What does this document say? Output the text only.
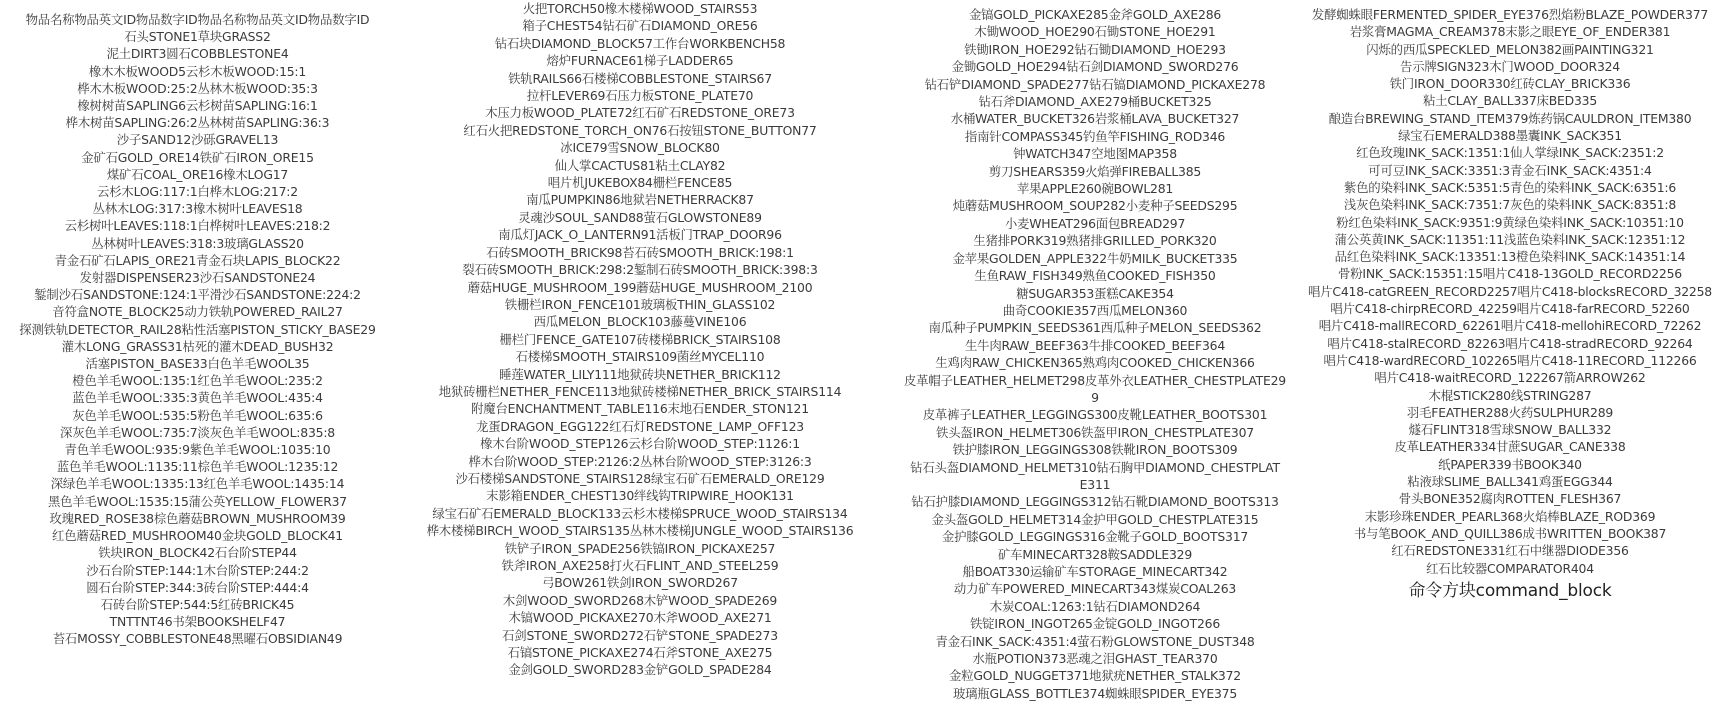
物品名称物品英文ID物品数字ID物品名称物品英文ID物品数字ID
石头STONE1草块GRASS2
泥土DIRT3圆石COBBLESTONE4
橡木木板WOOD5云杉木板WOOD:15:1
桦木木板WOOD:25:2丛林木板WOOD:35:3
橡树树苗SAPLING6云杉树苗SAPLING:16:1
桦木树苗SAPLING:26:2丛林树苗SAPLING:36:3
沙子SAND12沙砾GRAVEL13
金矿石GOLD_ORE14铁矿石IRON_ORE15
煤矿石COAL_ORE16橡木LOG17
云杉木LOG:117:1白桦木LOG:217:2
丛林木LOG:317:3橡木树叶LEAVES18
云杉树叶LEAVES:118:1白桦树叶LEAVES:218:2
丛林树叶LEAVES:318:3玻璃GLASS20
青金石矿石LAPIS_ORE21青金石块LAPIS_BLOCK22
发射器DISPENSER23沙石SANDSTONE24
錾制沙石SANDSTONE:124:1平滑沙石SANDSTONE:224:2
音符盒NOTE_BLOCK25动力铁轨POWERED_RAIL27
探测铁轨DETECTOR_RAIL28粘性活塞PISTON_STICKY_BASE29
灌木LONG_GRASS31枯死的灌木DEAD_BUSH32
活塞PISTON_BASE33白色羊毛WOOL35
橙色羊毛WOOL:135:1红色羊毛WOOL:235:2
蓝色羊毛WOOL:335:3黄色羊毛WOOL:435:4
灰色羊毛WOOL:535:5粉色羊毛WOOL:635:6
深灰色羊毛WOOL:735:7淡灰色羊毛WOOL:835:8
青色羊毛WOOL:935:9紫色羊毛WOOL:1035:10
蓝色羊毛WOOL:1135:11棕色羊毛WOOL:1235:12
深绿色羊毛WOOL:1335:13红色羊毛WOOL:1435:14
黑色羊毛WOOL:1535:15蒲公英YELLOW_FLOWER37
玫瑰RED_ROSE38棕色蘑菇BROWN_MUSHROOM39
红色蘑菇RED_MUSHROOM40金块GOLD_BLOCK41
铁块IRON_BLOCK42石台阶STEP44
沙石台阶STEP:144:1木台阶STEP:244:2
圆石台阶STEP:344:3砖台阶STEP:444:4
石砖台阶STEP:544:5红砖BRICK45
TNTTNT46书架BOOKSHELF47
苔石MOSSY_COBBLESTONE48黑曜石OBSIDIAN49
火把TORCH50橡木楼梯WOOD_STAIRS53
箱子CHEST54钻石矿石DIAMOND_ORE56
钻石块DIAMOND_BLOCK57工作台WORKBENCH58
熔炉FURNACE61梯子LADDER65
铁轨RAILS66石楼梯COBBLESTONE_STAIRS67
拉杆LEVER69石压力板STONE_PLATE70
木压力板WOOD_PLATE72红石矿石REDSTONE_ORE73
红石火把REDSTONE_TORCH_ON76石按钮STONE_BUTTON77
冰ICE79雪SNOW_BLOCK80
仙人掌CACTUS81粘土CLAY82
唱片机JUKEBOX84栅栏FENCE85
南瓜PUMPKIN86地狱岩NETHERRACK87
灵魂沙SOUL_SAND88萤石GLOWSTONE89
南瓜灯JACK_O_LANTERN91活板门TRAP_DOOR96
石砖SMOOTH_BRICK98苔石砖SMOOTH_BRICK:198:1
裂石砖SMOOTH_BRICK:298:2錾制石砖SMOOTH_BRICK:398:3
蘑菇HUGE_MUSHROOM_199蘑菇HUGE_MUSHROOM_2100
铁栅栏IRON_FENCE101玻璃板THIN_GLASS102
西瓜MELON_BLOCK103藤蔓VINE106
栅栏门FENCE_GATE107砖楼梯BRICK_STAIRS108
石楼梯SMOOTH_STAIRS109菌丝MYCEL110
睡莲WATER_LILY111地狱砖块NETHER_BRICK112
地狱砖栅栏NETHER_FENCE113地狱砖楼梯NETHER_BRICK_STAIRS114
附魔台ENCHANTMENT_TABLE116末地石ENDER_STON121
龙蛋DRAGON_EGG122红石灯REDSTONE_LAMP_OFF123
橡木台阶WOOD_STEP126云杉台阶WOOD_STEP:1126:1
桦木台阶WOOD_STEP:2126:2丛林台阶WOOD_STEP:3126:3
沙石楼梯SANDSTONE_STAIRS128绿宝石矿石EMERALD_ORE129
末影箱ENDER_CHEST130绊线钩TRIPWIRE_HOOK131
绿宝石矿石EMERALD_BLOCK133云杉木楼梯SPRUCE_WOOD_STAIRS134
桦木楼梯BIRCH_WOOD_STAIRS135丛林木楼梯JUNGLE_WOOD_STAIRS136
铁铲子IRON_SPADE256铁镐IRON_PICKAXE257
铁斧IRON_AXE258打火石FLINT_AND_STEEL259
弓BOW261铁剑IRON_SWORD267
木剑WOOD_SWORD268木铲WOOD_SPADE269
木镐WOOD_PICKAXE270木斧WOOD_AXE271
石剑STONE_SWORD272石铲STONE_SPADE273
石镐STONE_PICKAXE274石斧STONE_AXE275
金剑GOLD_SWORD283金铲GOLD_SPADE284
金镐GOLD_PICKAXE285金斧GOLD_AXE286
木锄WOOD_HOE290石锄STONE_HOE291
铁锄IRON_HOE292钻石锄DIAMOND_HOE293
金锄GOLD_HOE294钻石剑DIAMOND_SWORD276
钻石铲DIAMOND_SPADE277钻石镐DIAMOND_PICKAXE278
钻石斧DIAMOND_AXE279桶BUCKET325
水桶WATER_BUCKET326岩浆桶LAVA_BUCKET327
指南针COMPASS345钓鱼竿FISHING_ROD346
钟WATCH347空地图MAP358
剪刀SHEARS359火焰弹FIREBALL385
苹果APPLE260碗BOWL281
炖蘑菇MUSHROOM_SOUP282小麦种子SEEDS295
小麦WHEAT296面包BREAD297
生猪排PORK319熟猪排GRILLED_PORK320
金苹果GOLDEN_APPLE322牛奶MILK_BUCKET335
生鱼RAW_FISH349熟鱼COOKED_FISH350
糖SUGAR353蛋糕CAKE354
曲奇COOKIE357西瓜MELON360
南瓜种子PUMPKIN_SEEDS361西瓜种子MELON_SEEDS362
生牛肉RAW_BEEF363牛排COOKED_BEEF364
生鸡肉RAW_CHICKEN365熟鸡肉COOKED_CHICKEN366
皮革帽子LEATHER_HELMET298皮革外衣LEATHER_CHESTPLATE29
9
皮革裤子LEATHER_LEGGINGS300皮靴LEATHER_BOOTS301
铁头盔IRON_HELMET306铁盔甲IRON_CHESTPLATE307
铁护膝IRON_LEGGINGS308铁靴IRON_BOOTS309
钻石头盔DIAMOND_HELMET310钻石胸甲DIAMOND_CHESTPLAT
E311
钻石护膝DIAMOND_LEGGINGS312钻石靴DIAMOND_BOOTS313
金头盔GOLD_HELMET314金护甲GOLD_CHESTPLATE315
金护膝GOLD_LEGGINGS316金靴子GOLD_BOOTS317
矿车MINECART328鞍SADDLE329
船BOAT330运输矿车STORAGE_MINECART342
动力矿车POWERED_MINECART343煤炭COAL263
木炭COAL:1263:1钻石DIAMOND264
铁锭IRON_INGOT265金锭GOLD_INGOT266
青金石INK_SACK:4351:4萤石粉GLOWSTONE_DUST348
水瓶POTION373恶魂之泪GHAST_TEAR370
金粒GOLD_NUGGET371地狱疣NETHER_STALK372
玻璃瓶GLASS_BOTTLE374蜘蛛眼SPIDER_EYE375
发酵蜘蛛眼FERMENTED_SPIDER_EYE376烈焰粉BLAZE_POWDER377
岩浆膏MAGMA_CREAM378末影之眼EYE_OF_ENDER381
闪烁的西瓜SPECKLED_MELON382画PAINTING321
告示牌SIGN323木门WOOD_DOOR324
铁门IRON_DOOR330红砖CLAY_BRICK336
粘土CLAY_BALL337床BED335
酿造台BREWING_STAND_ITEM379炼药锅CAULDRON_ITEM380
绿宝石EMERALD388墨囊INK_SACK351
红色玫瑰INK_SACK:1351:1仙人掌绿INK_SACK:2351:2
可可豆INK_SACK:3351:3青金石INK_SACK:4351:4
紫色的染料INK_SACK:5351:5青色的染料INK_SACK:6351:6
浅灰色染料INK_SACK:7351:7灰色的染料INK_SACK:8351:8
粉红色染料INK_SACK:9351:9黄绿色染料INK_SACK:10351:10
蒲公英黄INK_SACK:11351:11浅蓝色染料INK_SACK:12351:12
品红色染料INK_SACK:13351:13橙色染料INK_SACK:14351:14
骨粉INK_SACK:15351:15唱片C418-13GOLD_RECORD2256
唱片C418-catGREEN_RECORD2257唱片C418-blocksRECORD_32258
唱片C418-chirpRECORD_42259唱片C418-farRECORD_52260
唱片C418-mallRECORD_62261唱片C418-mellohiRECORD_72262
唱片C418-stalRECORD_82263唱片C418-stradRECORD_92264
唱片C418-wardRECORD_102265唱片C418-11RECORD_112266
唱片C418-waitRECORD_122267箭ARROW262
木棍STICK280线STRING287
羽毛FEATHER288火药SULPHUR289
燧石FLINT318雪球SNOW_BALL332
皮革LEATHER334甘蔗SUGAR_CANE338
纸PAPER339书BOOK340
粘液球SLIME_BALL341鸡蛋EGG344
骨头BONE352腐肉ROTTEN_FLESH367
末影珍珠ENDER_PEARL368火焰棒BLAZE_ROD369
书与笔BOOK_AND_QUILL386成书WRITTEN_BOOK387
红石REDSTONE331红石中继器DIODE356
红石比较器COMPARATOR404
命令方块command_block
